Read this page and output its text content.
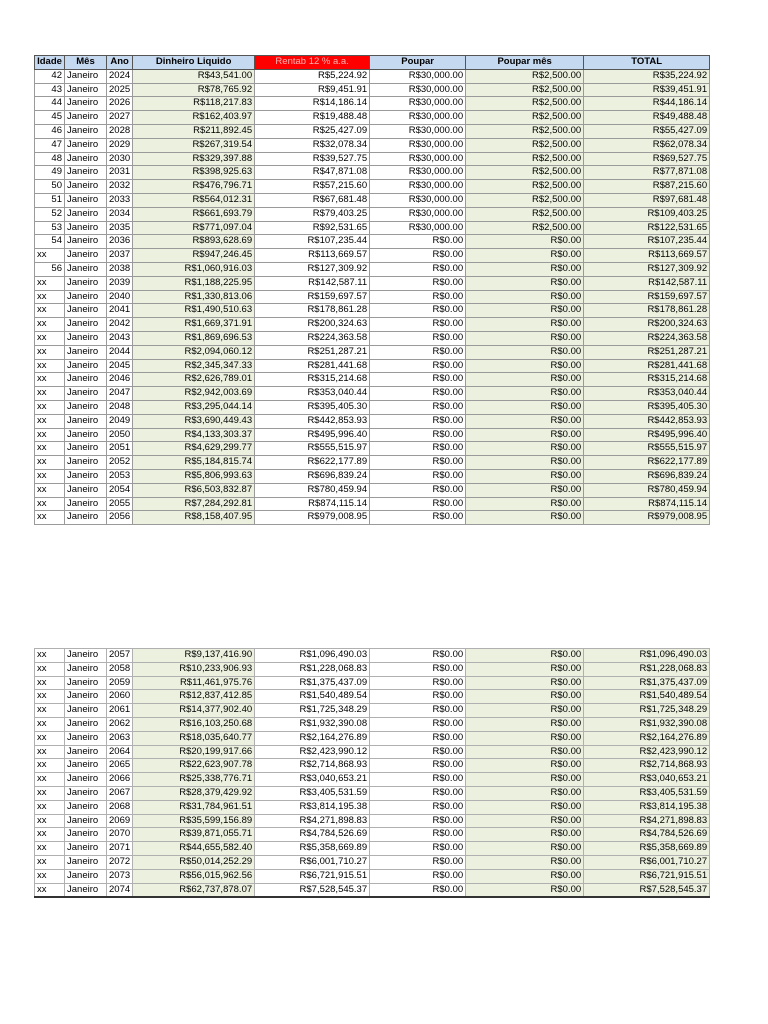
Idade	Mês	Ano	Dinheiro Liquido	Rentab 12 % a.a.	Poupar	Poupar mês	TOTAL
42	Janeiro	2024	R$43,541.00	R$5,224.92	R$30,000.00	R$2,500.00	R$35,224.92
43	Janeiro	2025	R$78,765.92	R$9,451.91	R$30,000.00	R$2,500.00	R$39,451.91
44	Janeiro	2026	R$118,217.83	R$14,186.14	R$30,000.00	R$2,500.00	R$44,186.14
45	Janeiro	2027	R$162,403.97	R$19,488.48	R$30,000.00	R$2,500.00	R$49,488.48
46	Janeiro	2028	R$211,892.45	R$25,427.09	R$30,000.00	R$2,500.00	R$55,427.09
47	Janeiro	2029	R$267,319.54	R$32,078.34	R$30,000.00	R$2,500.00	R$62,078.34
48	Janeiro	2030	R$329,397.88	R$39,527.75	R$30,000.00	R$2,500.00	R$69,527.75
49	Janeiro	2031	R$398,925.63	R$47,871.08	R$30,000.00	R$2,500.00	R$77,871.08
50	Janeiro	2032	R$476,796.71	R$57,215.60	R$30,000.00	R$2,500.00	R$87,215.60
51	Janeiro	2033	R$564,012.31	R$67,681.48	R$30,000.00	R$2,500.00	R$97,681.48
52	Janeiro	2034	R$661,693.79	R$79,403.25	R$30,000.00	R$2,500.00	R$109,403.25
53	Janeiro	2035	R$771,097.04	R$92,531.65	R$30,000.00	R$2,500.00	R$122,531.65
54	Janeiro	2036	R$893,628.69	R$107,235.44	R$0.00	R$0.00	R$107,235.44
xx	Janeiro	2037	R$947,246.45	R$113,669.57	R$0.00	R$0.00	R$113,669.57
56	Janeiro	2038	R$1,060,916.03	R$127,309.92	R$0.00	R$0.00	R$127,309.92
xx	Janeiro	2039	R$1,188,225.95	R$142,587.11	R$0.00	R$0.00	R$142,587.11
xx	Janeiro	2040	R$1,330,813.06	R$159,697.57	R$0.00	R$0.00	R$159,697.57
xx	Janeiro	2041	R$1,490,510.63	R$178,861.28	R$0.00	R$0.00	R$178,861.28
xx	Janeiro	2042	R$1,669,371.91	R$200,324.63	R$0.00	R$0.00	R$200,324.63
xx	Janeiro	2043	R$1,869,696.53	R$224,363.58	R$0.00	R$0.00	R$224,363.58
xx	Janeiro	2044	R$2,094,060.12	R$251,287.21	R$0.00	R$0.00	R$251,287.21
xx	Janeiro	2045	R$2,345,347.33	R$281,441.68	R$0.00	R$0.00	R$281,441.68
xx	Janeiro	2046	R$2,626,789.01	R$315,214.68	R$0.00	R$0.00	R$315,214.68
xx	Janeiro	2047	R$2,942,003.69	R$353,040.44	R$0.00	R$0.00	R$353,040.44
xx	Janeiro	2048	R$3,295,044.14	R$395,405.30	R$0.00	R$0.00	R$395,405.30
xx	Janeiro	2049	R$3,690,449.43	R$442,853.93	R$0.00	R$0.00	R$442,853.93
xx	Janeiro	2050	R$4,133,303.37	R$495,996.40	R$0.00	R$0.00	R$495,996.40
xx	Janeiro	2051	R$4,629,299.77	R$555,515.97	R$0.00	R$0.00	R$555,515.97
xx	Janeiro	2052	R$5,184,815.74	R$622,177.89	R$0.00	R$0.00	R$622,177.89
xx	Janeiro	2053	R$5,806,993.63	R$696,839.24	R$0.00	R$0.00	R$696,839.24
xx	Janeiro	2054	R$6,503,832.87	R$780,459.94	R$0.00	R$0.00	R$780,459.94
xx	Janeiro	2055	R$7,284,292.81	R$874,115.14	R$0.00	R$0.00	R$874,115.14
xx	Janeiro	2056	R$8,158,407.95	R$979,008.95	R$0.00	R$0.00	R$979,008.95
xx	Janeiro	2057	R$9,137,416.90	R$1,096,490.03	R$0.00	R$0.00	R$1,096,490.03
xx	Janeiro	2058	R$10,233,906.93	R$1,228,068.83	R$0.00	R$0.00	R$1,228,068.83
xx	Janeiro	2059	R$11,461,975.76	R$1,375,437.09	R$0.00	R$0.00	R$1,375,437.09
xx	Janeiro	2060	R$12,837,412.85	R$1,540,489.54	R$0.00	R$0.00	R$1,540,489.54
xx	Janeiro	2061	R$14,377,902.40	R$1,725,348.29	R$0.00	R$0.00	R$1,725,348.29
xx	Janeiro	2062	R$16,103,250.68	R$1,932,390.08	R$0.00	R$0.00	R$1,932,390.08
xx	Janeiro	2063	R$18,035,640.77	R$2,164,276.89	R$0.00	R$0.00	R$2,164,276.89
xx	Janeiro	2064	R$20,199,917.66	R$2,423,990.12	R$0.00	R$0.00	R$2,423,990.12
xx	Janeiro	2065	R$22,623,907.78	R$2,714,868.93	R$0.00	R$0.00	R$2,714,868.93
xx	Janeiro	2066	R$25,338,776.71	R$3,040,653.21	R$0.00	R$0.00	R$3,040,653.21
xx	Janeiro	2067	R$28,379,429.92	R$3,405,531.59	R$0.00	R$0.00	R$3,405,531.59
xx	Janeiro	2068	R$31,784,961.51	R$3,814,195.38	R$0.00	R$0.00	R$3,814,195.38
xx	Janeiro	2069	R$35,599,156.89	R$4,271,898.83	R$0.00	R$0.00	R$4,271,898.83
xx	Janeiro	2070	R$39,871,055.71	R$4,784,526.69	R$0.00	R$0.00	R$4,784,526.69
xx	Janeiro	2071	R$44,655,582.40	R$5,358,669.89	R$0.00	R$0.00	R$5,358,669.89
xx	Janeiro	2072	R$50,014,252.29	R$6,001,710.27	R$0.00	R$0.00	R$6,001,710.27
xx	Janeiro	2073	R$56,015,962.56	R$6,721,915.51	R$0.00	R$0.00	R$6,721,915.51
xx	Janeiro	2074	R$62,737,878.07	R$7,528,545.37	R$0.00	R$0.00	R$7,528,545.37
